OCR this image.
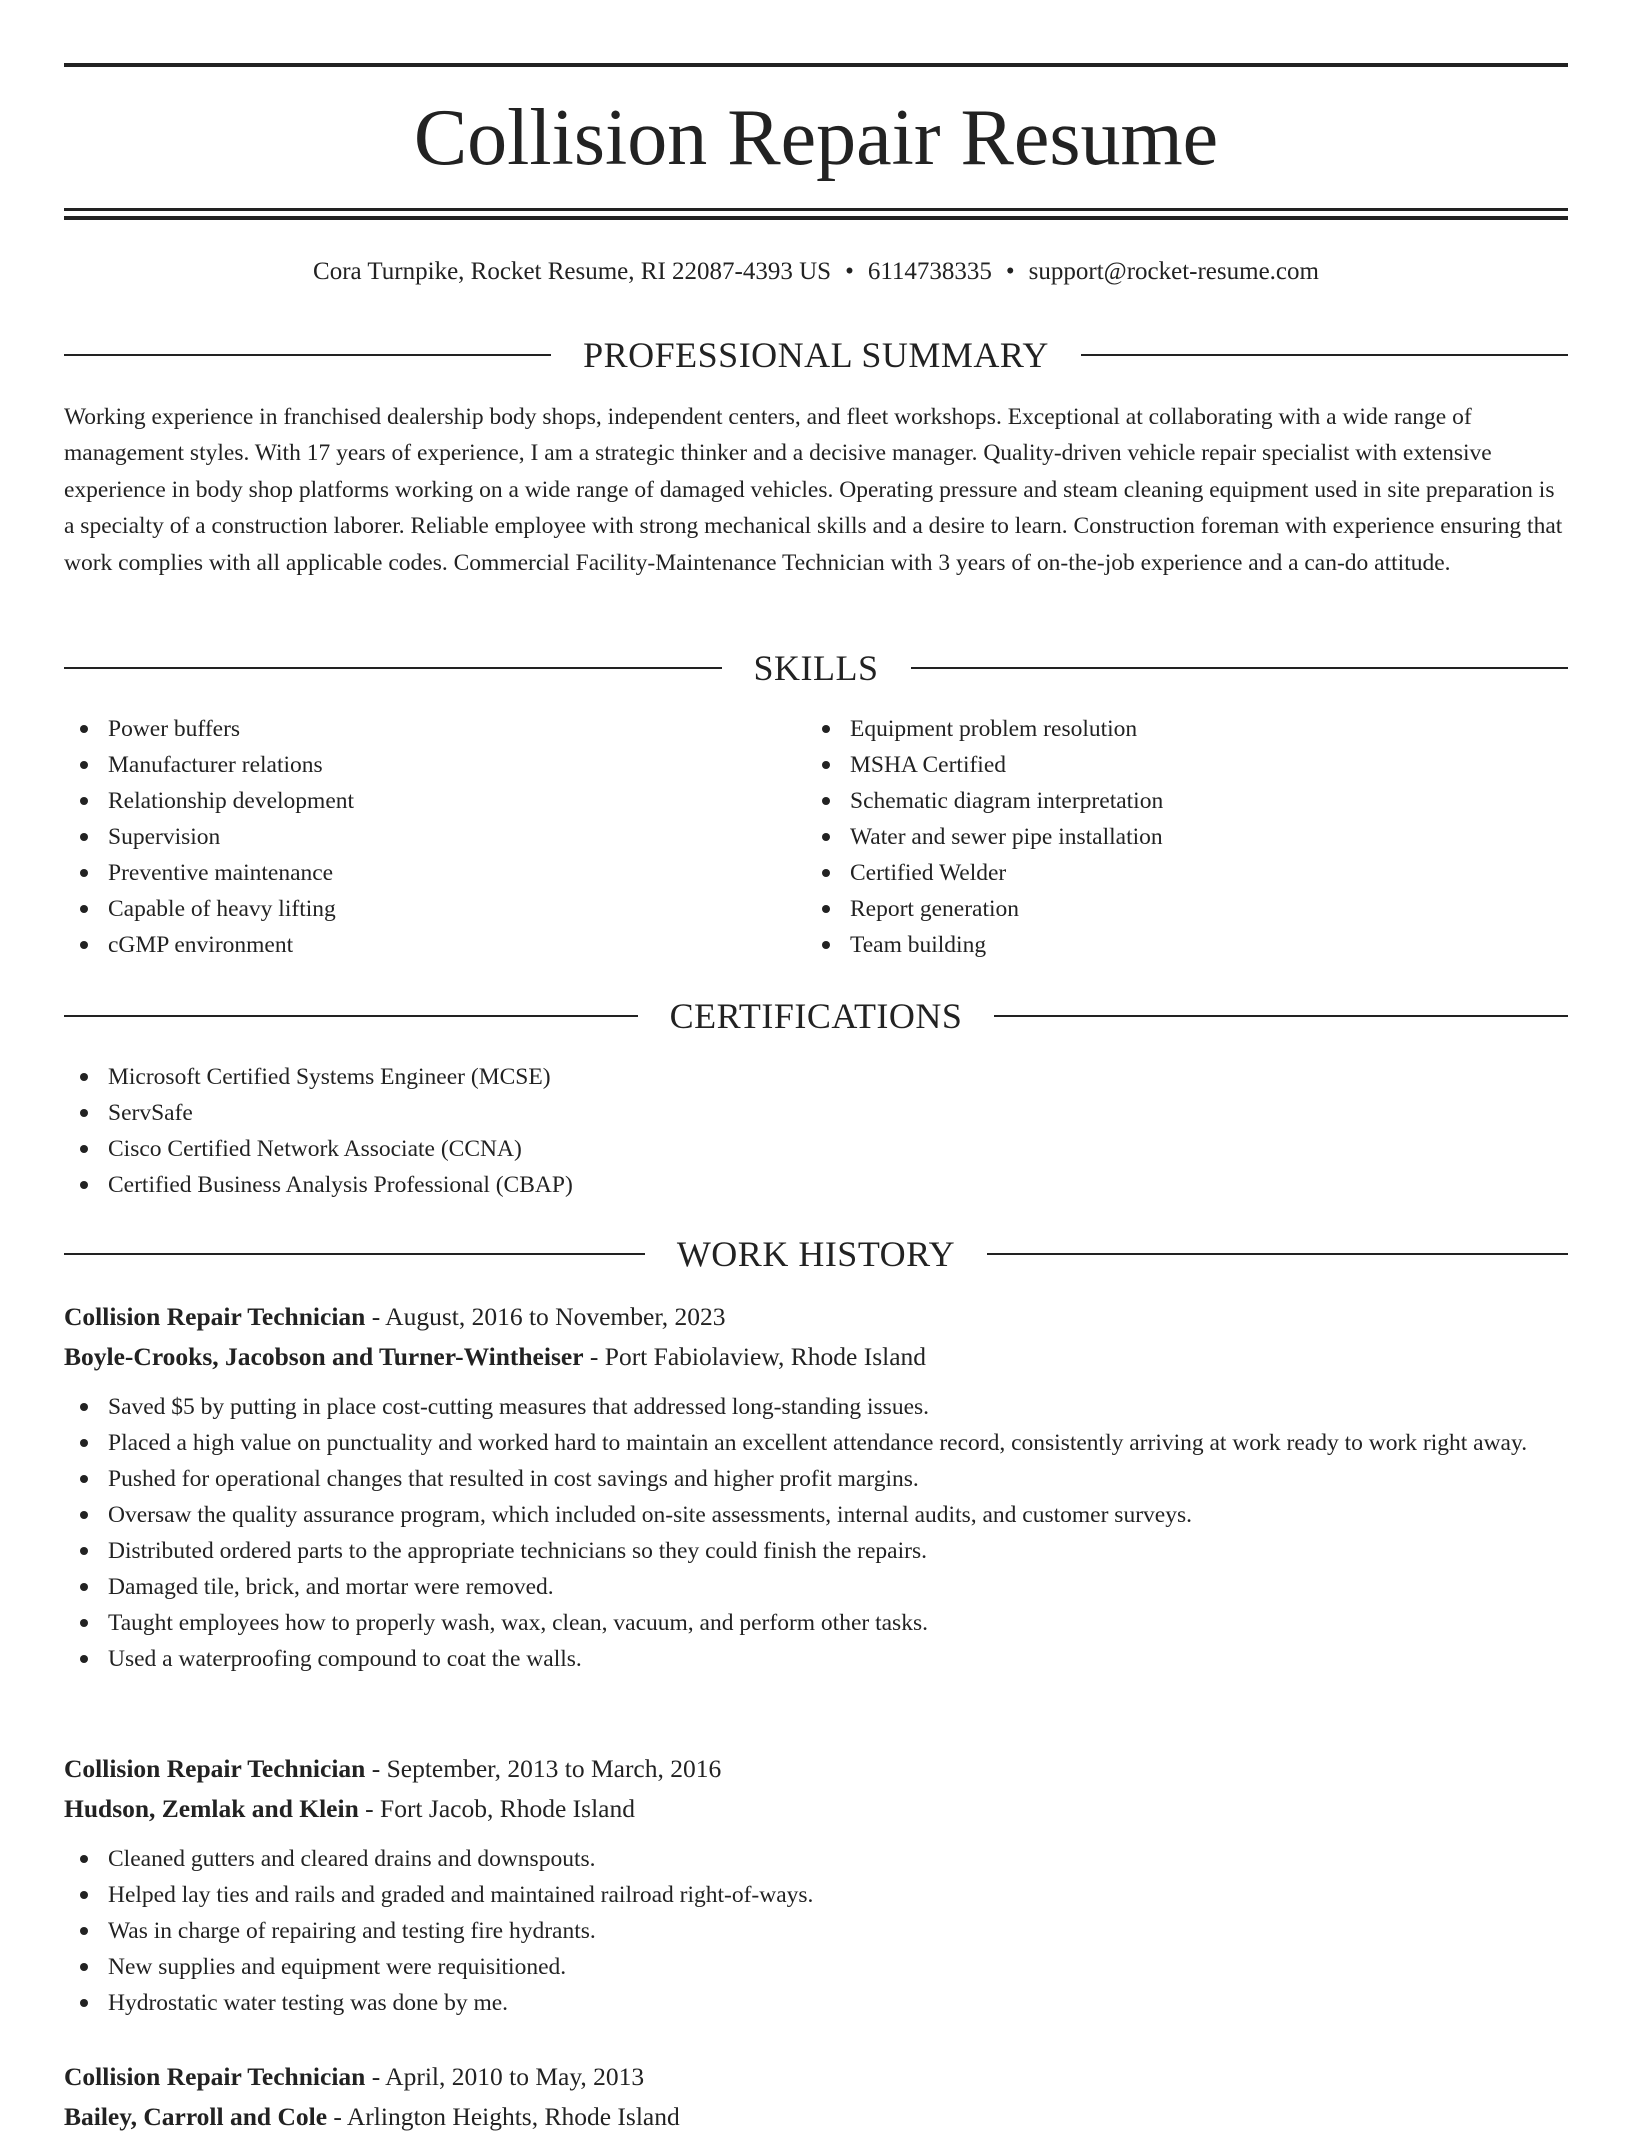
Collision Repair Resume
Cora Turnpike, Rocket Resume, RI 22087-4393 US • 6114738335 • support@rocket-resume.com
PROFESSIONAL SUMMARY

Working experience in franchised dealership body shops, independent centers, and fleet workshops. Exceptional at collaborating with a wide range of management styles. With 17 years of experience, I am a strategic thinker and a decisive manager. Quality-driven vehicle repair specialist with extensive experience in body shop platforms working on a wide range of damaged vehicles. Operating pressure and steam cleaning equipment used in site preparation is a specialty of a construction laborer. Reliable employee with strong mechanical skills and a desire to learn. Construction foreman with experience ensuring that work complies with all applicable codes. Commercial Facility-Maintenance Technician with 3 years of on-the-job experience and a can-do attitude.

SKILLS
Power buffers
Manufacturer relations
Relationship development
Supervision
Preventive maintenance
Capable of heavy lifting
cGMP environment
Equipment problem resolution
MSHA Certified
Schematic diagram interpretation
Water and sewer pipe installation
Certified Welder
Report generation
Team building
CERTIFICATIONS
Microsoft Certified Systems Engineer (MCSE)
ServSafe
Cisco Certified Network Associate (CCNA)
Certified Business Analysis Professional (CBAP)
WORK HISTORY
Collision Repair Technician - August, 2016 to November, 2023
Boyle-Crooks, Jacobson and Turner-Wintheiser - Port Fabiolaview, Rhode Island
Saved $5 by putting in place cost-cutting measures that addressed long-standing issues.
Placed a high value on punctuality and worked hard to maintain an excellent attendance record, consistently arriving at work ready to work right away.
Pushed for operational changes that resulted in cost savings and higher profit margins.
Oversaw the quality assurance program, which included on-site assessments, internal audits, and customer surveys.
Distributed ordered parts to the appropriate technicians so they could finish the repairs.
Damaged tile, brick, and mortar were removed.
Taught employees how to properly wash, wax, clean, vacuum, and perform other tasks.
Used a waterproofing compound to coat the walls.
Collision Repair Technician - September, 2013 to March, 2016
Hudson, Zemlak and Klein - Fort Jacob, Rhode Island
Cleaned gutters and cleared drains and downspouts.
Helped lay ties and rails and graded and maintained railroad right-of-ways.
Was in charge of repairing and testing fire hydrants.
New supplies and equipment were requisitioned.
Hydrostatic water testing was done by me.
Collision Repair Technician - April, 2010 to May, 2013
Bailey, Carroll and Cole - Arlington Heights, Rhode Island
